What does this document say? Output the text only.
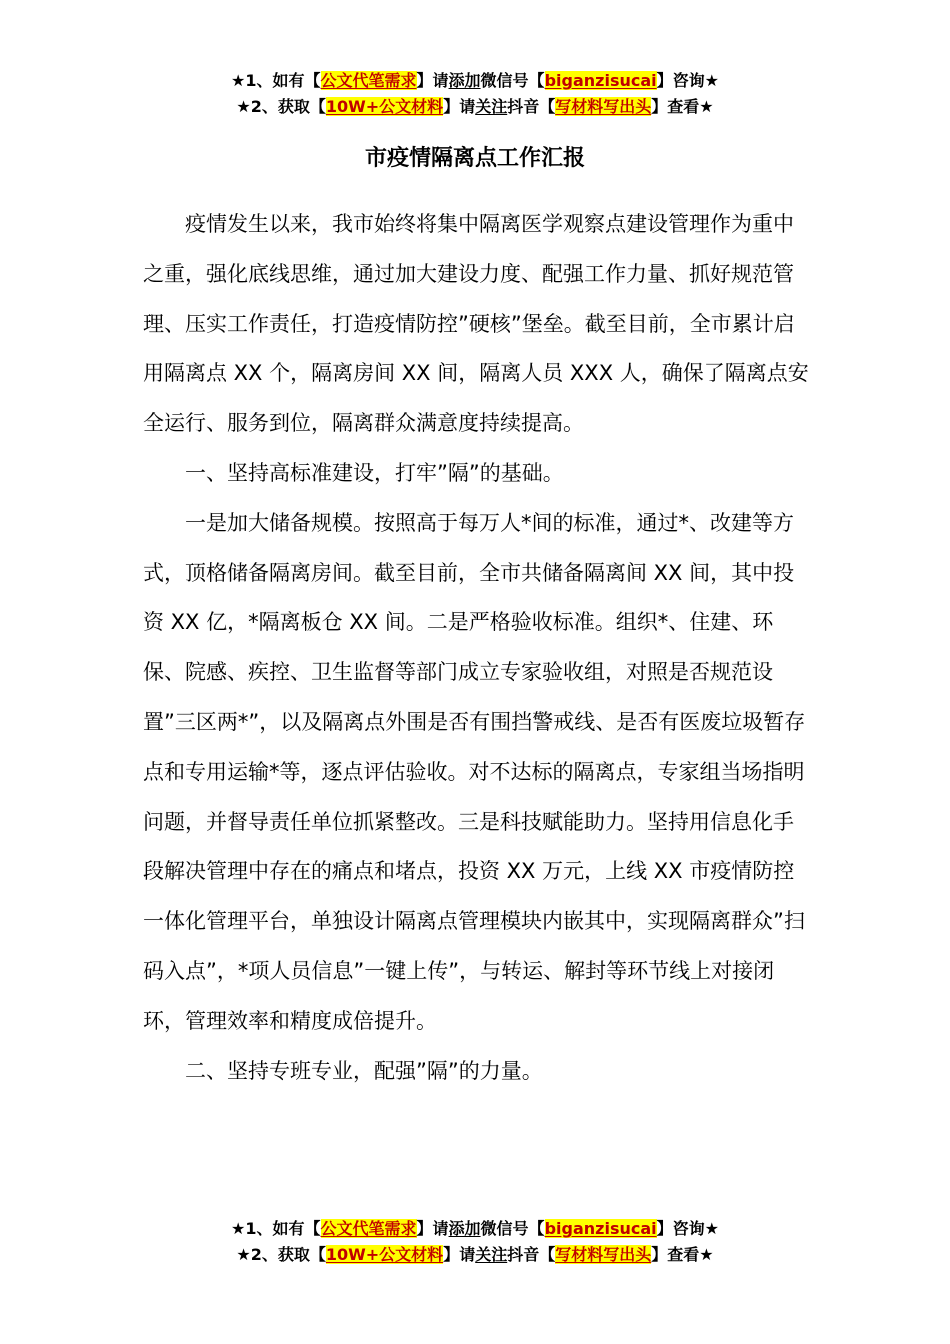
★1、如有【公文代笔需求】请添加微信号【biganzisucai】咨询★
★2、获取【10W+公文材料】请关注抖音【写材料写出头】查看★
市疫情隔离点工作汇报

疫情发生以来，我市始终将集中隔离医学观察点建设管理作为重中之重，强化底线思维，通过加大建设力度、配强工作力量、抓好规范管理、压实工作责任，打造疫情防控”硬核”堡垒。截至目前，全市累计启用隔离点 XX 个，隔离房间 XX 间，隔离人员 XXX 人，确保了隔离点安全运行、服务到位，隔离群众满意度持续提高。

一、坚持高标准建设，打牢”隔”的基础。

一是加大储备规模。按照高于每万人*间的标准，通过*、改建等方式，顶格储备隔离房间。截至目前，全市共储备隔离间 XX 间，其中投资 XX 亿，*隔离板仓 XX 间。二是严格验收标准。组织*、住建、环保、院感、疾控、卫生监督等部门成立专家验收组，对照是否规范设置”三区两*”，以及隔离点外围是否有围挡警戒线、是否有医废垃圾暂存点和专用运输*等，逐点评估验收。对不达标的隔离点，专家组当场指明问题，并督导责任单位抓紧整改。三是科技赋能助力。坚持用信息化手段解决管理中存在的痛点和堵点，投资 XX 万元，上线 XX 市疫情防控一体化管理平台，单独设计隔离点管理模块内嵌其中，实现隔离群众”扫码入点”，*项人员信息”一键上传”，与转运、解封等环节线上对接闭环，管理效率和精度成倍提升。

二、坚持专班专业，配强”隔”的力量。

★1、如有【公文代笔需求】请添加微信号【biganzisucai】咨询★
★2、获取【10W+公文材料】请关注抖音【写材料写出头】查看★
